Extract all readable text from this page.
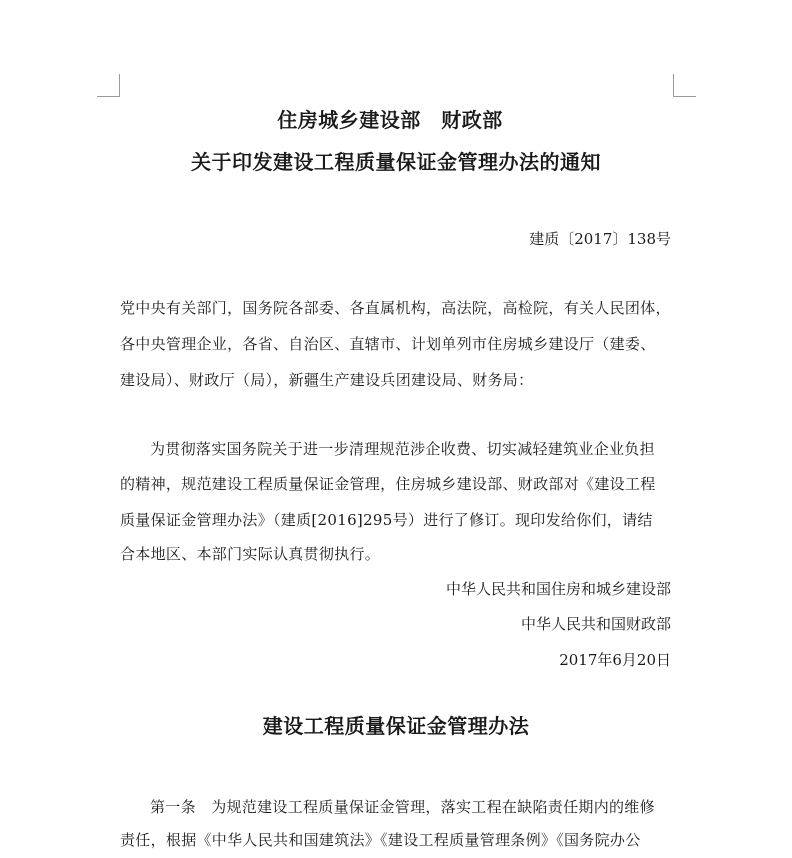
住房城乡建设部　财政部
关于印发建设工程质量保证金管理办法的通知
建质〔2017〕138号
党中央有关部门，国务院各部委、各直属机构，高法院，高检院，有关人民团体，
各中央管理企业，各省、自治区、直辖市、计划单列市住房城乡建设厅（建委、
建设局）、财政厅（局），新疆生产建设兵团建设局、财务局：
为贯彻落实国务院关于进一步清理规范涉企收费、切实减轻建筑业企业负担
的精神，规范建设工程质量保证金管理，住房城乡建设部、财政部对《建设工程
质量保证金管理办法》（建质[2016]295号）进行了修订。现印发给你们，请结
合本地区、本部门实际认真贯彻执行。
中华人民共和国住房和城乡建设部
中华人民共和国财政部
2017年6月20日
建设工程质量保证金管理办法
第一条　为规范建设工程质量保证金管理，落实工程在缺陷责任期内的维修
责任，根据《中华人民共和国建筑法》《建设工程质量管理条例》《国务院办公
